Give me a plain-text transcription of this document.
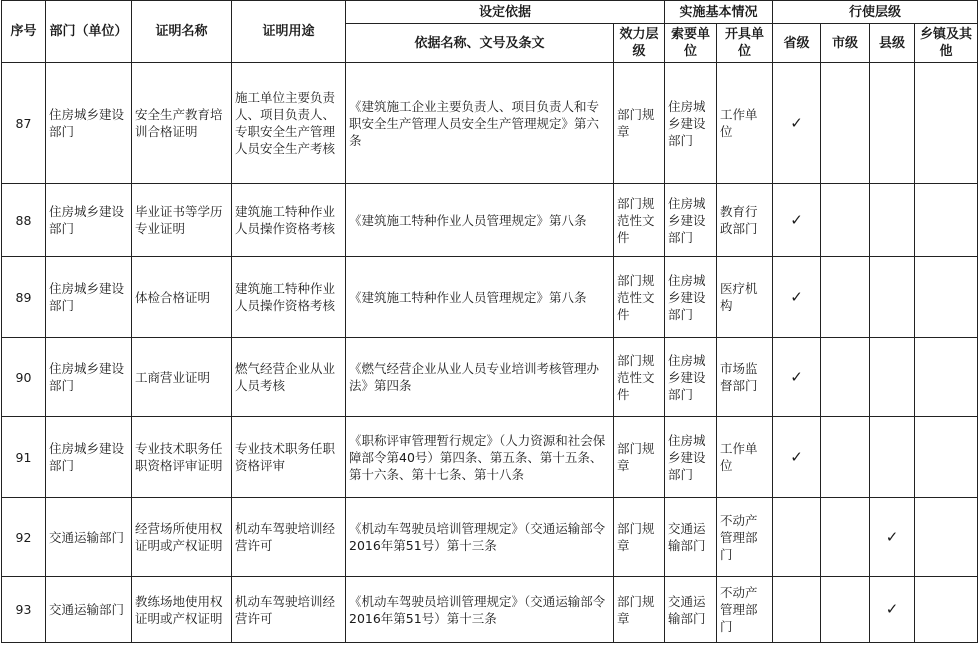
序号	部门（单位）	证明名称	证明用途	设定依据		实施基本情况		行使层级			
				依据名称、文号及条文	效力层级	索要单位	开具单位	省级	市级	县级	乡镇及其他
87	住房城乡建设部门	安全生产教育培训合格证明	施工单位主要负责人、项目负责人、专职安全生产管理人员安全生产考核	《建筑施工企业主要负责人、项目负责人和专职安全生产管理人员安全生产管理规定》第六条	部门规章	住房城乡建设部门	工作单位	✓			
88	住房城乡建设部门	毕业证书等学历专业证明	建筑施工特种作业人员操作资格考核	《建筑施工特种作业人员管理规定》第八条	部门规范性文件	住房城乡建设部门	教育行政部门	✓			
89	住房城乡建设部门	体检合格证明	建筑施工特种作业人员操作资格考核	《建筑施工特种作业人员管理规定》第八条	部门规范性文件	住房城乡建设部门	医疗机构	✓			
90	住房城乡建设部门	工商营业证明	燃气经营企业从业人员考核	《燃气经营企业从业人员专业培训考核管理办法》第四条	部门规范性文件	住房城乡建设部门	市场监督部门	✓			
91	住房城乡建设部门	专业技术职务任职资格评审证明	专业技术职务任职资格评审	《职称评审管理暂行规定》（人力资源和社会保障部令第40号）第四条、第五条、第十五条、第十六条、第十七条、第十八条	部门规章	住房城乡建设部门	工作单位	✓			
92	交通运输部门	经营场所使用权证明或产权证明	机动车驾驶培训经营许可	《机动车驾驶员培训管理规定》（交通运输部令2016年第51号）第十三条	部门规章	交通运输部门	不动产管理部门			✓	
93	交通运输部门	教练场地使用权证明或产权证明	机动车驾驶培训经营许可	《机动车驾驶员培训管理规定》（交通运输部令2016年第51号）第十三条	部门规章	交通运输部门	不动产管理部门			✓	
